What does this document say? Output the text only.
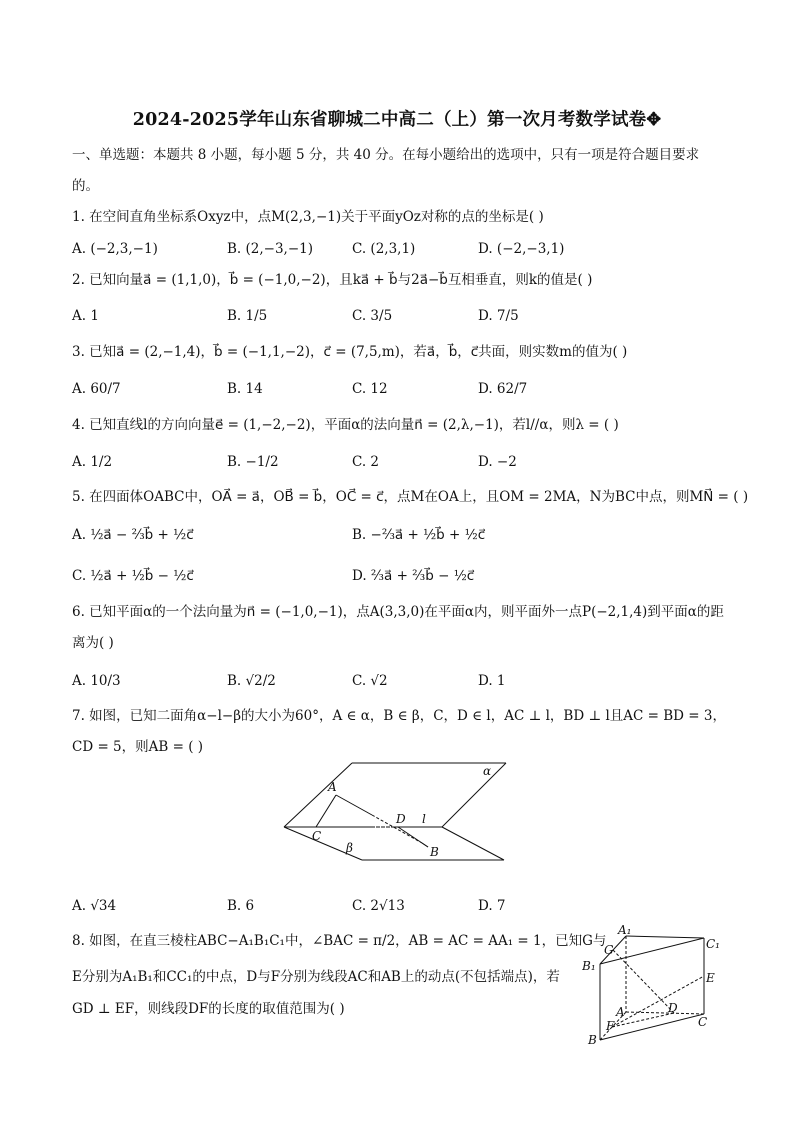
2024-2025学年山东省聊城二中高二（上）第一次月考数学试卷✥
一、单选题：本题共 8 小题，每小题 5 分，共 40 分。在每小题给出的选项中，只有一项是符合题目要求
的。
1. 在空间直角坐标系Oxyz中，点M(2,3,−1)关于平面yOz对称的点的坐标是( )
A. (−2,3,−1)	B. (2,−3,−1)	C. (2,3,1)	D. (−2,−3,1)
2. 已知向量a⃗ = (1,1,0)，b⃗ = (−1,0,−2)，且ka⃗ + b⃗与2a⃗−b⃗互相垂直，则k的值是( )
A. 1	B. 1/5	C. 3/5	D. 7/5
3. 已知a⃗ = (2,−1,4)，b⃗ = (−1,1,−2)，c⃗ = (7,5,m)，若a⃗，b⃗，c⃗共面，则实数m的值为( )
A. 60/7	B. 14	C. 12	D. 62/7
4. 已知直线l的方向向量e⃗ = (1,−2,−2)，平面α的法向量n⃗ = (2,λ,−1)，若l//α，则λ = ( )
A. 1/2	B. −1/2	C. 2	D. −2
5. 在四面体OABC中，OA⃗ = a⃗，OB⃗ = b⃗，OC⃗ = c⃗，点M在OA上，且OM = 2MA，N为BC中点，则MN⃗ = ( )
A. ½a⃗ − ⅔b⃗ + ½c⃗	B. −⅔a⃗ + ½b⃗ + ½c⃗
C. ½a⃗ + ½b⃗ − ½c⃗	D. ⅔a⃗ + ⅔b⃗ − ½c⃗
6. 已知平面α的一个法向量为n⃗ = (−1,0,−1)，点A(3,3,0)在平面α内，则平面外一点P(−2,1,4)到平面α的距
离为( )
A. 10/3	B. √2/2	C. √2	D. 1
7. 如图，已知二面角α−l−β的大小为60°，A ∈ α，B ∈ β，C，D ∈ l，AC ⊥ l，BD ⊥ l且AC = BD = 3，
CD = 5，则AB = ( )
α
A
D l
C
β	B
A. √34	B. 6	C. 2√13	D. 7
8. 如图，在直三棱柱ABC−A₁B₁C₁中，∠BAC = π/2，AB = AC = AA₁ = 1，已知G与
E分别为A₁B₁和CC₁的中点，D与F分别为线段AC和AB上的动点(不包括端点)，若
GD ⊥ EF，则线段DF的长度的取值范围为( )
A₁
G	C₁
B₁
E
A	D
F	C
B
